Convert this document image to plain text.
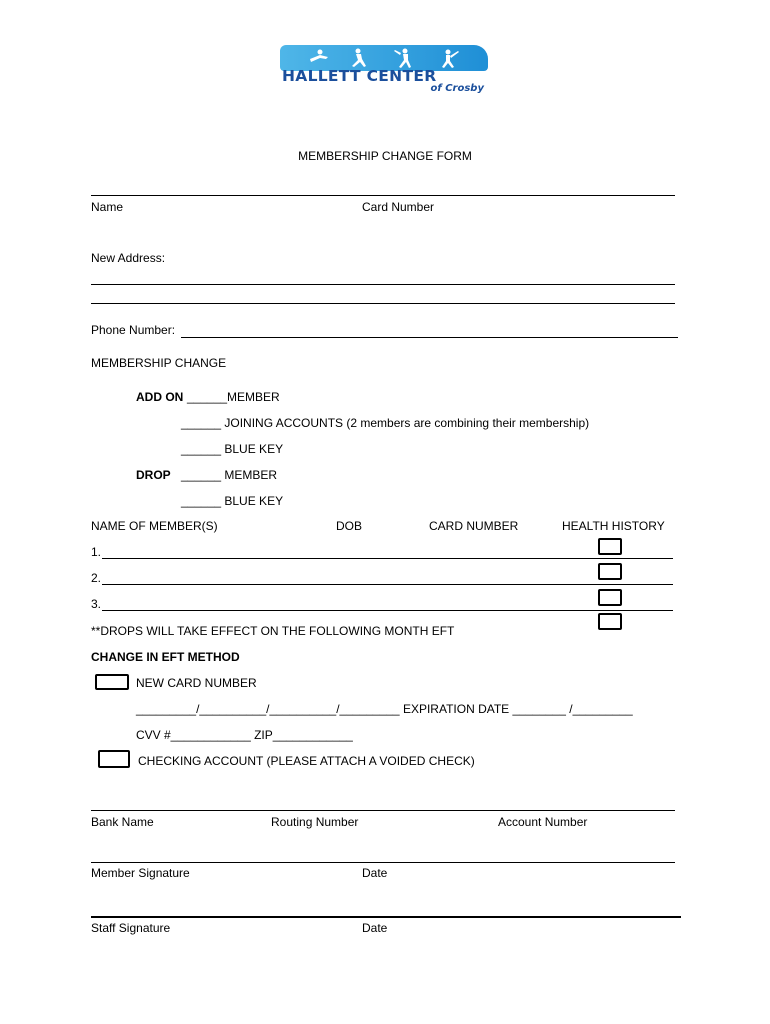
HALLETT CENTER
of Crosby
MEMBERSHIP CHANGE FORM
Name	Card Number
New Address:
Phone Number:
MEMBERSHIP CHANGE
ADD ON ______MEMBER
______ JOINING ACCOUNTS (2 members are combining their membership)
______ BLUE KEY
DROP ______ MEMBER
______ BLUE KEY
NAME OF MEMBER(S)	DOB	CARD NUMBER	HEALTH HISTORY
1.
2.
3.
**DROPS WILL TAKE EFFECT ON THE FOLLOWING MONTH EFT
CHANGE IN EFT METHOD
NEW CARD NUMBER
_________/__________/__________/_________ EXPIRATION DATE ________ /_________
CVV #____________ ZIP____________
CHECKING ACCOUNT (PLEASE ATTACH A VOIDED CHECK)
Bank Name	Routing Number	Account Number
Member Signature	Date
Staff Signature	Date
